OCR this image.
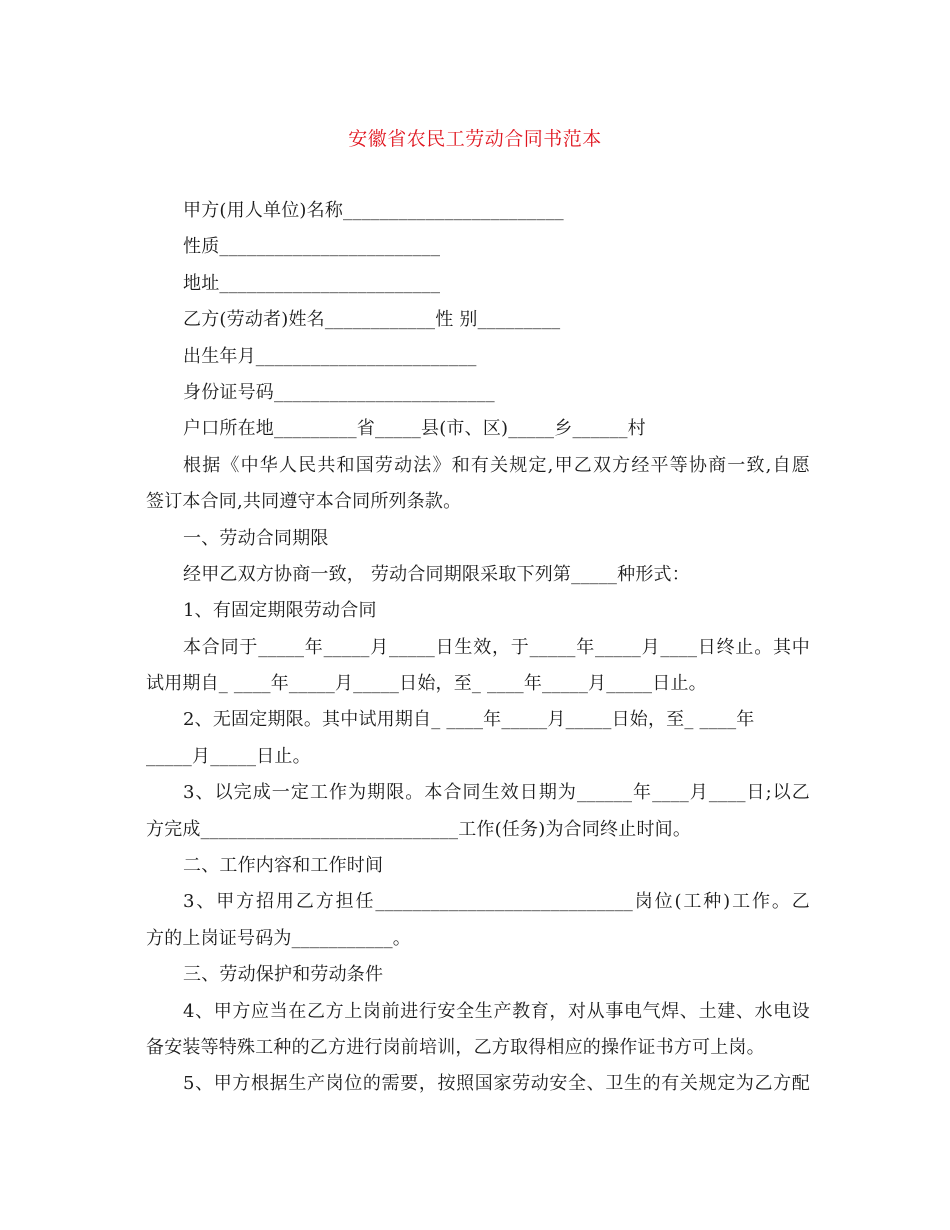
安徽省农民工劳动合同书范本
甲方(用人单位)名称________________________
性质________________________
地址________________________
乙方(劳动者)姓名____________性 别_________
出生年月________________________
身份证号码________________________
户口所在地_________省_____县(市、区)_____乡______村
根据《中华人民共和国劳动法》和有关规定,甲乙双方经平等协商一致,自愿
签订本合同,共同遵守本合同所列条款。
一、劳动合同期限
经甲乙双方协商一致， 劳动合同期限采取下列第_____种形式：
1、有固定期限劳动合同
本合同于_____年_____月_____日生效，于_____年_____月____日终止。其中
试用期自_ ____年_____月_____日始，至_ ____年_____月_____日止。
2、无固定期限。其中试用期自_ ____年_____月_____日始，至_ ____年
_____月_____日止。
3、以完成一定工作为期限。本合同生效日期为______年____月____日;以乙
方完成____________________________工作(任务)为合同终止时间。
二、工作内容和工作时间
3、甲方招用乙方担任____________________________岗位(工种)工作。乙
方的上岗证号码为___________。
三、劳动保护和劳动条件
4、甲方应当在乙方上岗前进行安全生产教育，对从事电气焊、土建、水电设
备安装等特殊工种的乙方进行岗前培训，乙方取得相应的操作证书方可上岗。
5、甲方根据生产岗位的需要，按照国家劳动安全、卫生的有关规定为乙方配
